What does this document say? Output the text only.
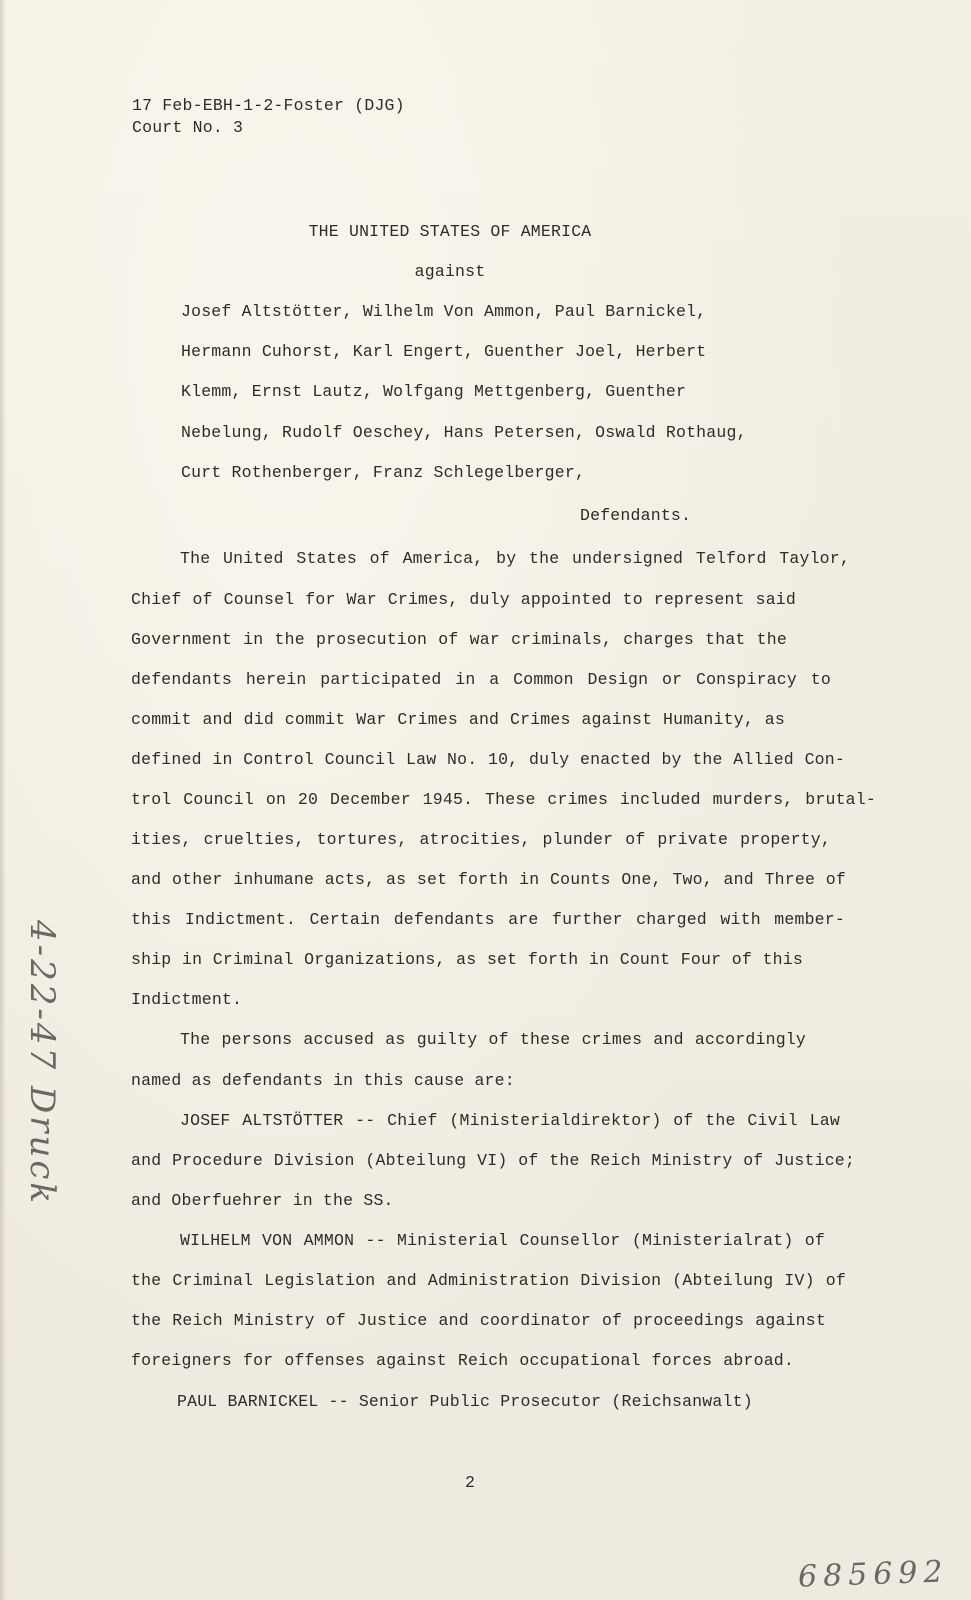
17 Feb-EBH-1-2-Foster (DJG)
Court No. 3
THE UNITED STATES OF AMERICA
against
Josef Altstötter, Wilhelm Von Ammon, Paul Barnickel,
Hermann Cuhorst, Karl Engert, Guenther Joel, Herbert
Klemm, Ernst Lautz, Wolfgang Mettgenberg, Guenther
Nebelung, Rudolf Oeschey, Hans Petersen, Oswald Rothaug,
Curt Rothenberger, Franz Schlegelberger,
Defendants.
The United States of America, by the undersigned Telford Taylor,
Chief of Counsel for War Crimes, duly appointed to represent said
Government in the prosecution of war criminals, charges that the
defendants herein participated in a Common Design or Conspiracy to
commit and did commit War Crimes and Crimes against Humanity, as
defined in Control Council Law No. 10, duly enacted by the Allied Con-
trol Council on 20 December 1945. These crimes included murders, brutal-
ities, cruelties, tortures, atrocities, plunder of private property,
and other inhumane acts, as set forth in Counts One, Two, and Three of
this Indictment. Certain defendants are further charged with member-
ship in Criminal Organizations, as set forth in Count Four of this
Indictment.
The persons accused as guilty of these crimes and accordingly
named as defendants in this cause are:
JOSEF ALTSTÖTTER -- Chief (Ministerialdirektor) of the Civil Law
and Procedure Division (Abteilung VI) of the Reich Ministry of Justice;
and Oberfuehrer in the SS.
WILHELM VON AMMON -- Ministerial Counsellor (Ministerialrat) of
the Criminal Legislation and Administration Division (Abteilung IV) of
the Reich Ministry of Justice and coordinator of proceedings against
foreigners for offenses against Reich occupational forces abroad.
PAUL BARNICKEL -- Senior Public Prosecutor (Reichsanwalt)
2
4-22-47 Druck
685692
